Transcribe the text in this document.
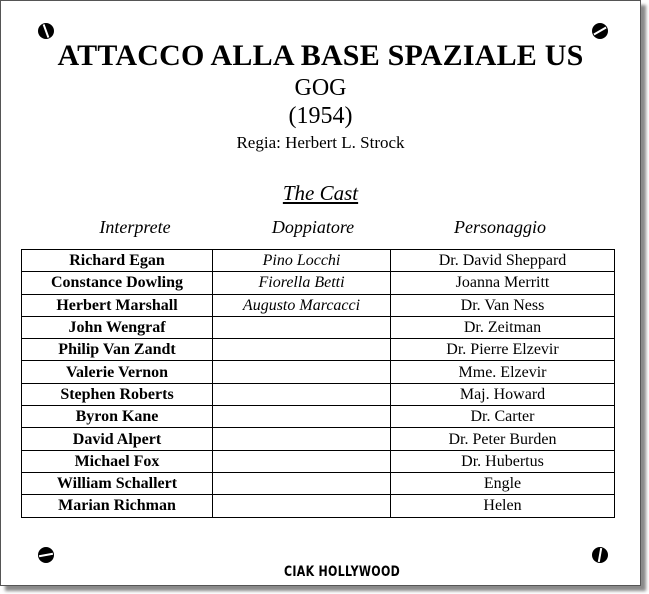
ATTACCO ALLA BASE SPAZIALE US
GOG
(1954)
Regia: Herbert L. Strock
The Cast
Interprete	Doppiatore	Personaggio
Richard Egan	Pino Locchi	Dr. David Sheppard
Constance Dowling	Fiorella Betti	Joanna Merritt
Herbert Marshall	Augusto Marcacci	Dr. Van Ness
John Wengraf		Dr. Zeitman
Philip Van Zandt		Dr. Pierre Elzevir
Valerie Vernon		Mme. Elzevir
Stephen Roberts		Maj. Howard
Byron Kane		Dr. Carter
David Alpert		Dr. Peter Burden
Michael Fox		Dr. Hubertus
William Schallert		Engle
Marian Richman		Helen
CIAK HOLLYWOOD
